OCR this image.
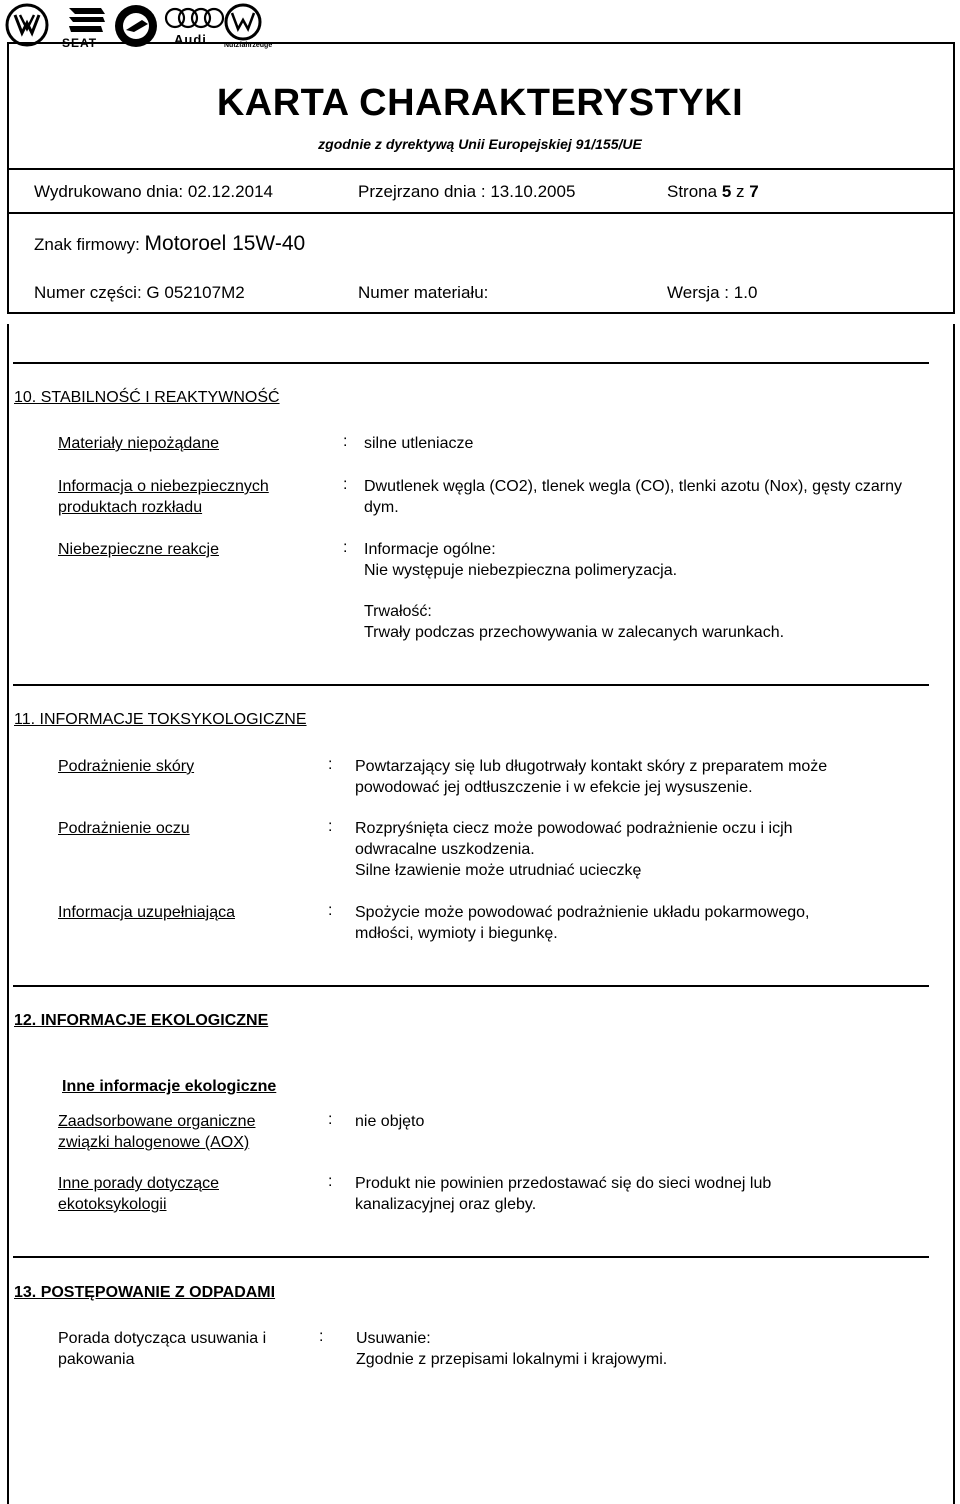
SEAT	Audi Nutzfahrzeuge
KARTA CHARAKTERYSTYKI
zgodnie z dyrektywą Unii Europejskiej 91/155/UE
Wydrukowano dnia: 02.12.2014	Przejrzano dnia : 13.10.2005	Strona 5 z 7
Znak firmowy: Motoroel 15W-40
Numer części: G 052107M2	Numer materiału:	Wersja : 1.0
10. STABILNOŚĆ I REAKTYWNOŚĆ
Materiały niepożądane	: silne utleniacze
Informacja o niebezpiecznych produktach rozkładu
: Dwutlenek węgla (CO2), tlenek wegla (CO), tlenki azotu (Nox), gęsty czarny dym.
Niebezpieczne reakcje	: Informacje ogólne:
Nie występuje niebezpieczna polimeryzacja.
Trwałość:
Trwały podczas przechowywania w zalecanych warunkach.
11. INFORMACJE TOKSYKOLOGICZNE
Podrażnienie skóry	: Powtarzający się lub długotrwały kontakt skóry z preparatem może
powodować jej odtłuszczenie i w efekcie jej wysuszenie.
Podrażnienie oczu	: Rozpryśnięta ciecz może powodować podrażnienie oczu i icjh
odwracalne uszkodzenia.
Silne łzawienie może utrudniać ucieczkę
Informacja uzupełniająca	: Spożycie może powodować podrażnienie układu pokarmowego,
mdłości, wymioty i biegunkę.
12. INFORMACJE EKOLOGICZNE
Inne informacje ekologiczne
Zaadsorbowane organiczne
związki halogenowe (AOX)
: nie objęto
Inne porady dotyczące
ekotoksykologii
: Produkt nie powinien przedostawać się do sieci wodnej lub
kanalizacyjnej oraz gleby.
13. POSTĘPOWANIE Z ODPADAMI
Porada dotycząca usuwania i
pakowania
: Usuwanie:
Zgodnie z przepisami lokalnymi i krajowymi.
